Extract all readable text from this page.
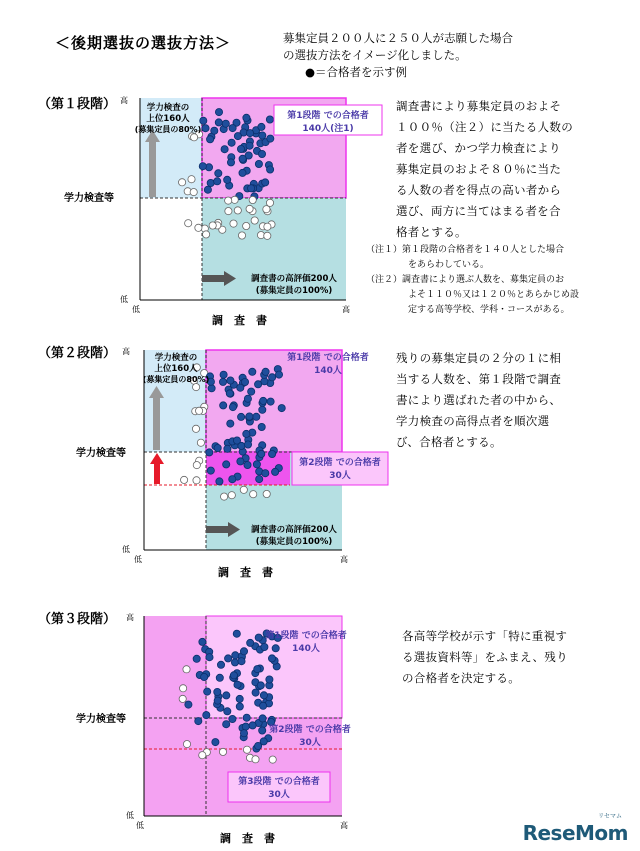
＜後期選抜の選抜方法＞	募集定員２００人に２５０人が志願した場合
の選抜方法をイメージ化しました。
●＝合格者を示す例
（第１段階） 高
低
低	高
学力検査等
調　査　書
学力検査の
上位160人
(募集定員の80%)
第1段階 での合格者
140人(注1)
調査書の高評価200人
(募集定員の100%)
調査書により募集定員のおよそ
１００％（注２）に当たる人数の
者を選び、かつ学力検査により
募集定員のおよそ８０％に当た
る人数の者を得点の高い者から
選び、両方に当てはまる者を合
格者とする。
（注１）第１段階の合格者を１４０人とした場合
をあらわしている。
（注２）調査書により選ぶ人数を、募集定員のお
よそ１１０％又は１２０％とあらかじめ設
定する高等学校、学科・コースがある。
（第２段階） 高
低
低	高
学力検査等
調　査　書
学力検査の
上位160人
(募集定員の80%)
第1段階 での合格者
140人
第2段階 での合格者
30人
調査書の高評価200人
(募集定員の100%)
残りの募集定員の２分の１に相
当する人数を、第１段階で調査
書により選ばれた者の中から、
学力検査の高得点者を順次選
び、合格者とする。
（第３段階） 高
低
低	高
学力検査等
調　査　書
第1段階 での合格者
140人
第2段階 での合格者
30人
第3段階 での合格者
30人
各高等学校が示す「特に重視す
る選抜資料等」をふまえ、残り
の合格者を決定する。
リセマム
ReseMom
